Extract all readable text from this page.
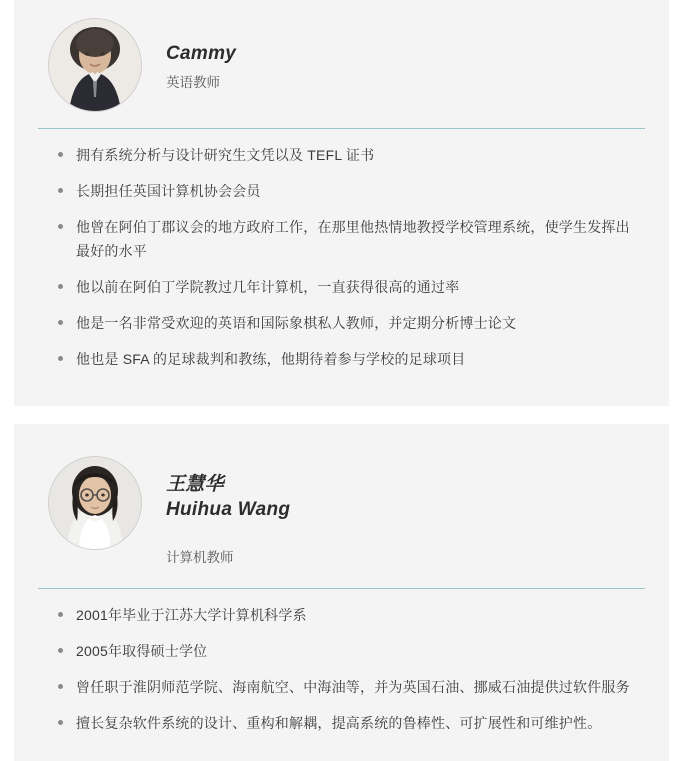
Cammy
英语教师
拥有系统分析与设计研究生文凭以及 TEFL 证书
长期担任英国计算机协会会员
他曾在阿伯丁郡议会的地方政府工作，在那里他热情地教授学校管理系统，使学生发挥出最好的水平
他以前在阿伯丁学院教过几年计算机，一直获得很高的通过率
他是一名非常受欢迎的英语和国际象棋私人教师，并定期分析博士论文
他也是 SFA 的足球裁判和教练，他期待着参与学校的足球项目
王慧华
Huihua Wang
计算机教师
2001年毕业于江苏大学计算机科学系
2005年取得硕士学位
曾任职于淮阴师范学院、海南航空、中海油等，并为英国石油、挪威石油提供过软件服务
擅长复杂软件系统的设计、重构和解耦，提高系统的鲁棒性、可扩展性和可维护性。
